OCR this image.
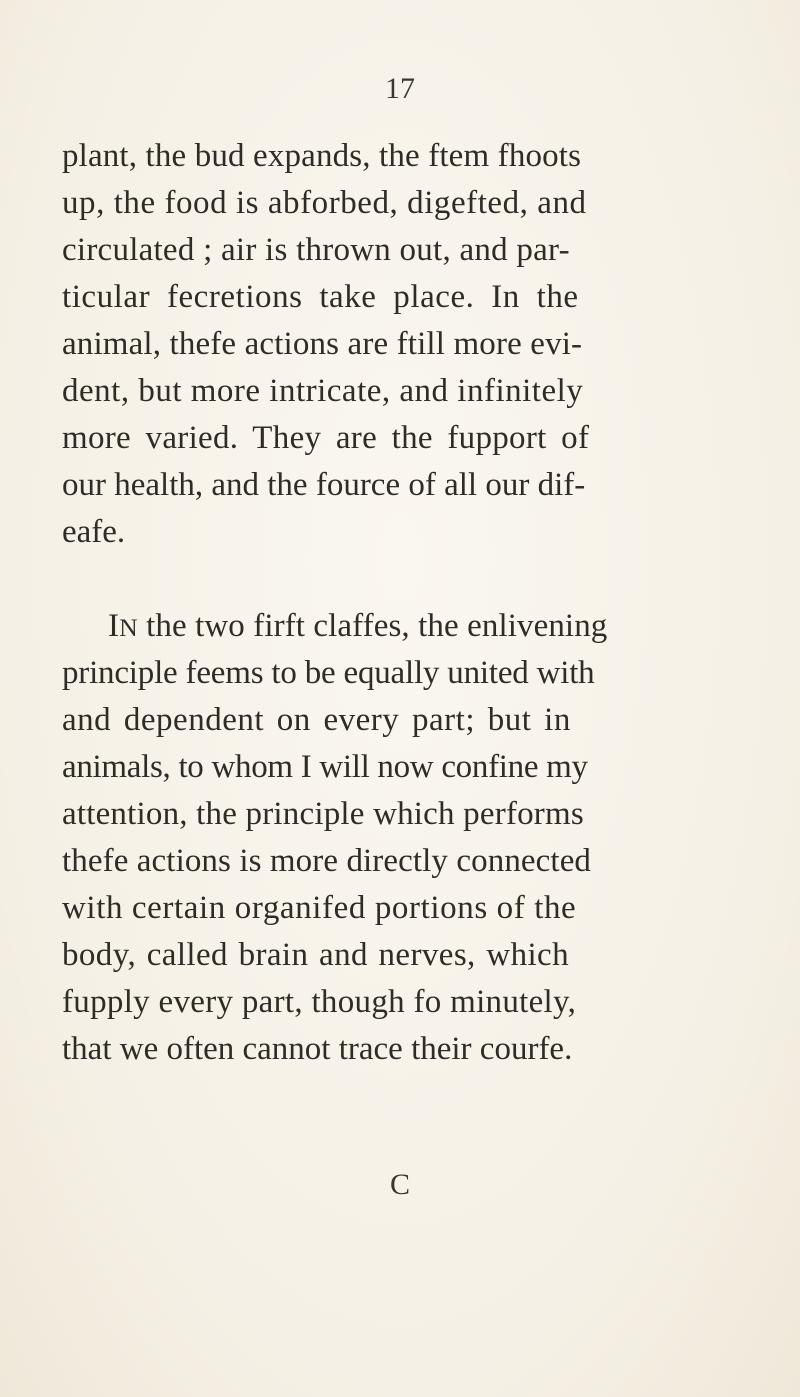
17
plant, the bud expands, the ftem fhoots
up, the food is abforbed, digefted, and
circulated ; air is thrown out, and par-
ticular fecretions take place. In the
animal, thefe actions are ftill more evi-
dent, but more intricate, and infinitely
more varied. They are the fupport of
our health, and the fource of all our dif-
eafe.
IN the two firft claffes, the enlivening
principle feems to be equally united with
and dependent on every part; but in
animals, to whom I will now confine my
attention, the principle which performs
thefe actions is more directly connected
with certain organifed portions of the
body, called brain and nerves, which
fupply every part, though fo minutely,
that we often cannot trace their courfe.
C
